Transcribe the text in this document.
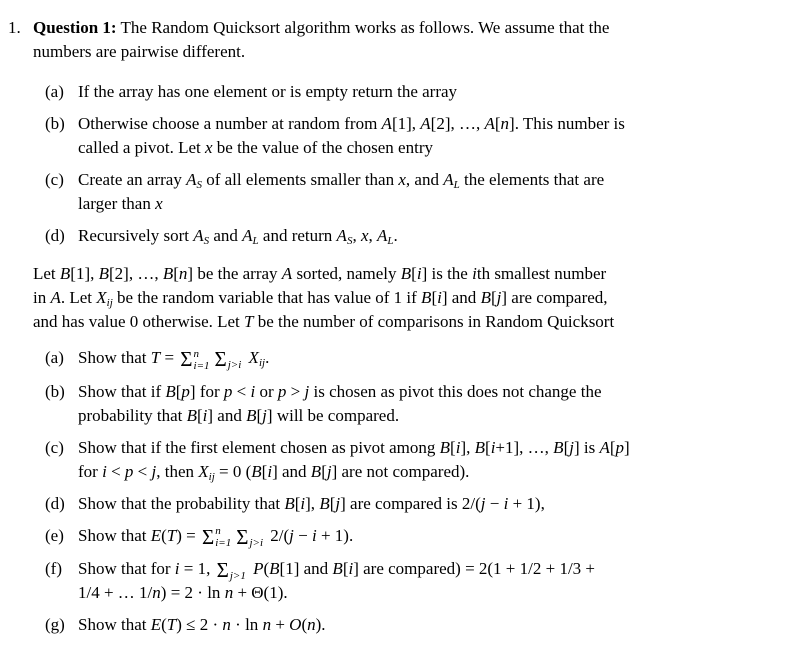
1. Question 1: The Random Quicksort algorithm works as follows. We assume that the
numbers are pairwise different.

(a) If the array has one element or is empty return the array
(b) Otherwise choose a number at random from A[1], A[2], …, A[n]. This number is
called a pivot. Let x be the value of the chosen entry
(c) Create an array $A_S$ of all elements smaller than x, and $A_L$ the elements that are
larger than x
(d) Recursively sort $A_S$ and $A_L$ and return $A_S$, x, $A_L$.

Let B[1], B[2], …, B[n] be the array A sorted, namely B[i] is the ith smallest number
in A. Let $X_{ij}$ be the random variable that has value of 1 if B[i] and B[j] are compared,
and has value 0 otherwise. Let T be the number of comparisons in Random Quicksort

(a) Show that T = Σ n
i=1 $\Sigma_{j>i}$ $X_{ij}$.
(b) Show that if B[p] for p < i or p > j is chosen as pivot this does not change the
probability that B[i] and B[j] will be compared.
(c) Show that if the first element chosen as pivot among B[i], B[i+1], …, B[j] is A[p]
for i < p < j, then $X_{ij} = 0$ (B[i] and B[j] are not compared).
(d) Show that the probability that B[i], B[j] are compared is 2/(j − i + 1),
(e) Show that E(T) = Σ n
i=1 $\Sigma_{j>i}$ 2/(j − i + 1).
(f) Show that for i = 1, $\Sigma_{j>1}$ P(B[1] and B[i] are compared) = 2(1 + 1/2 + 1/3 +
1/4 + … 1/n) = 2 · ln n + Θ(1).
(g) Show that E(T) ≤ 2 · n · ln n + O(n).
